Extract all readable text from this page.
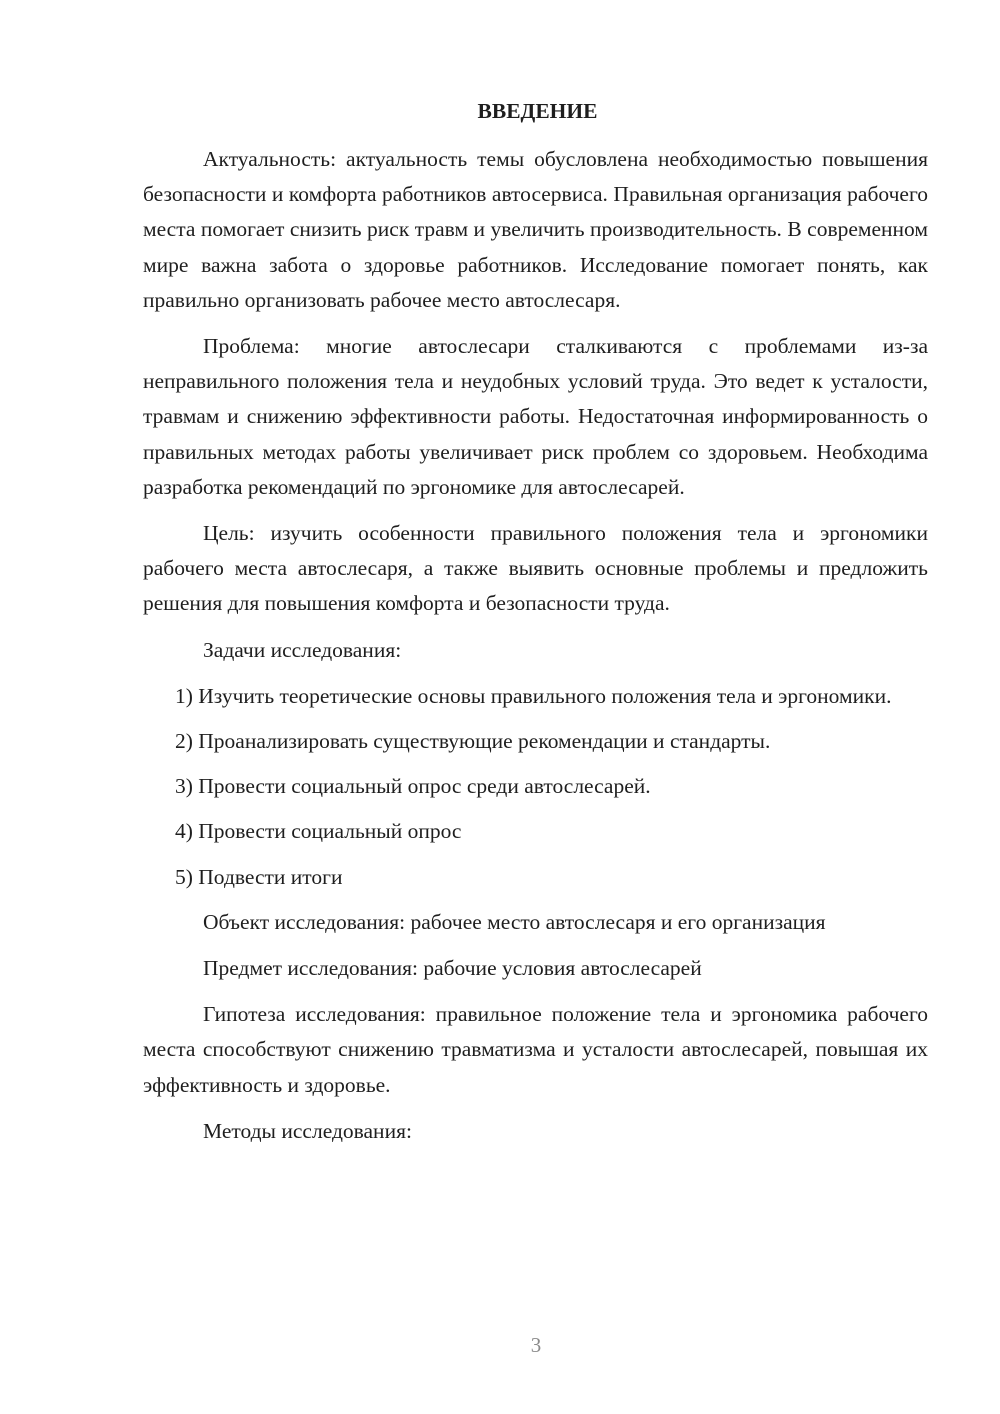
ВВЕДЕНИЕ

Актуальность: актуальность темы обусловлена необходимостью повышения безопасности и комфорта работников автосервиса. Правильная организация рабочего места помогает снизить риск травм и увеличить производительность. В современном мире важна забота о здоровье работников. Исследование помогает понять, как правильно организовать рабочее место автослесаря.

Проблема: многие автослесари сталкиваются с проблемами из-за неправильного положения тела и неудобных условий труда. Это ведет к усталости, травмам и снижению эффективности работы. Недостаточная информированность о правильных методах работы увеличивает риск проблем со здоровьем. Необходима разработка рекомендаций по эргономике для автослесарей.

Цель: изучить особенности правильного положения тела и эргономики рабочего места автослесаря, а также выявить основные проблемы и предложить решения для повышения комфорта и безопасности труда.

Задачи исследования:

1) Изучить теоретические основы правильного положения тела и эргономики.

2) Проанализировать существующие рекомендации и стандарты.

3) Провести социальный опрос среди автослесарей.

4) Провести социальный опрос

5) Подвести итоги

Объект исследования: рабочее место автослесаря и его организация

Предмет исследования: рабочие условия автослесарей

Гипотеза исследования: правильное положение тела и эргономика рабочего места способствуют снижению травматизма и усталости автослесарей, повышая их эффективность и здоровье.

Методы исследования:

3
